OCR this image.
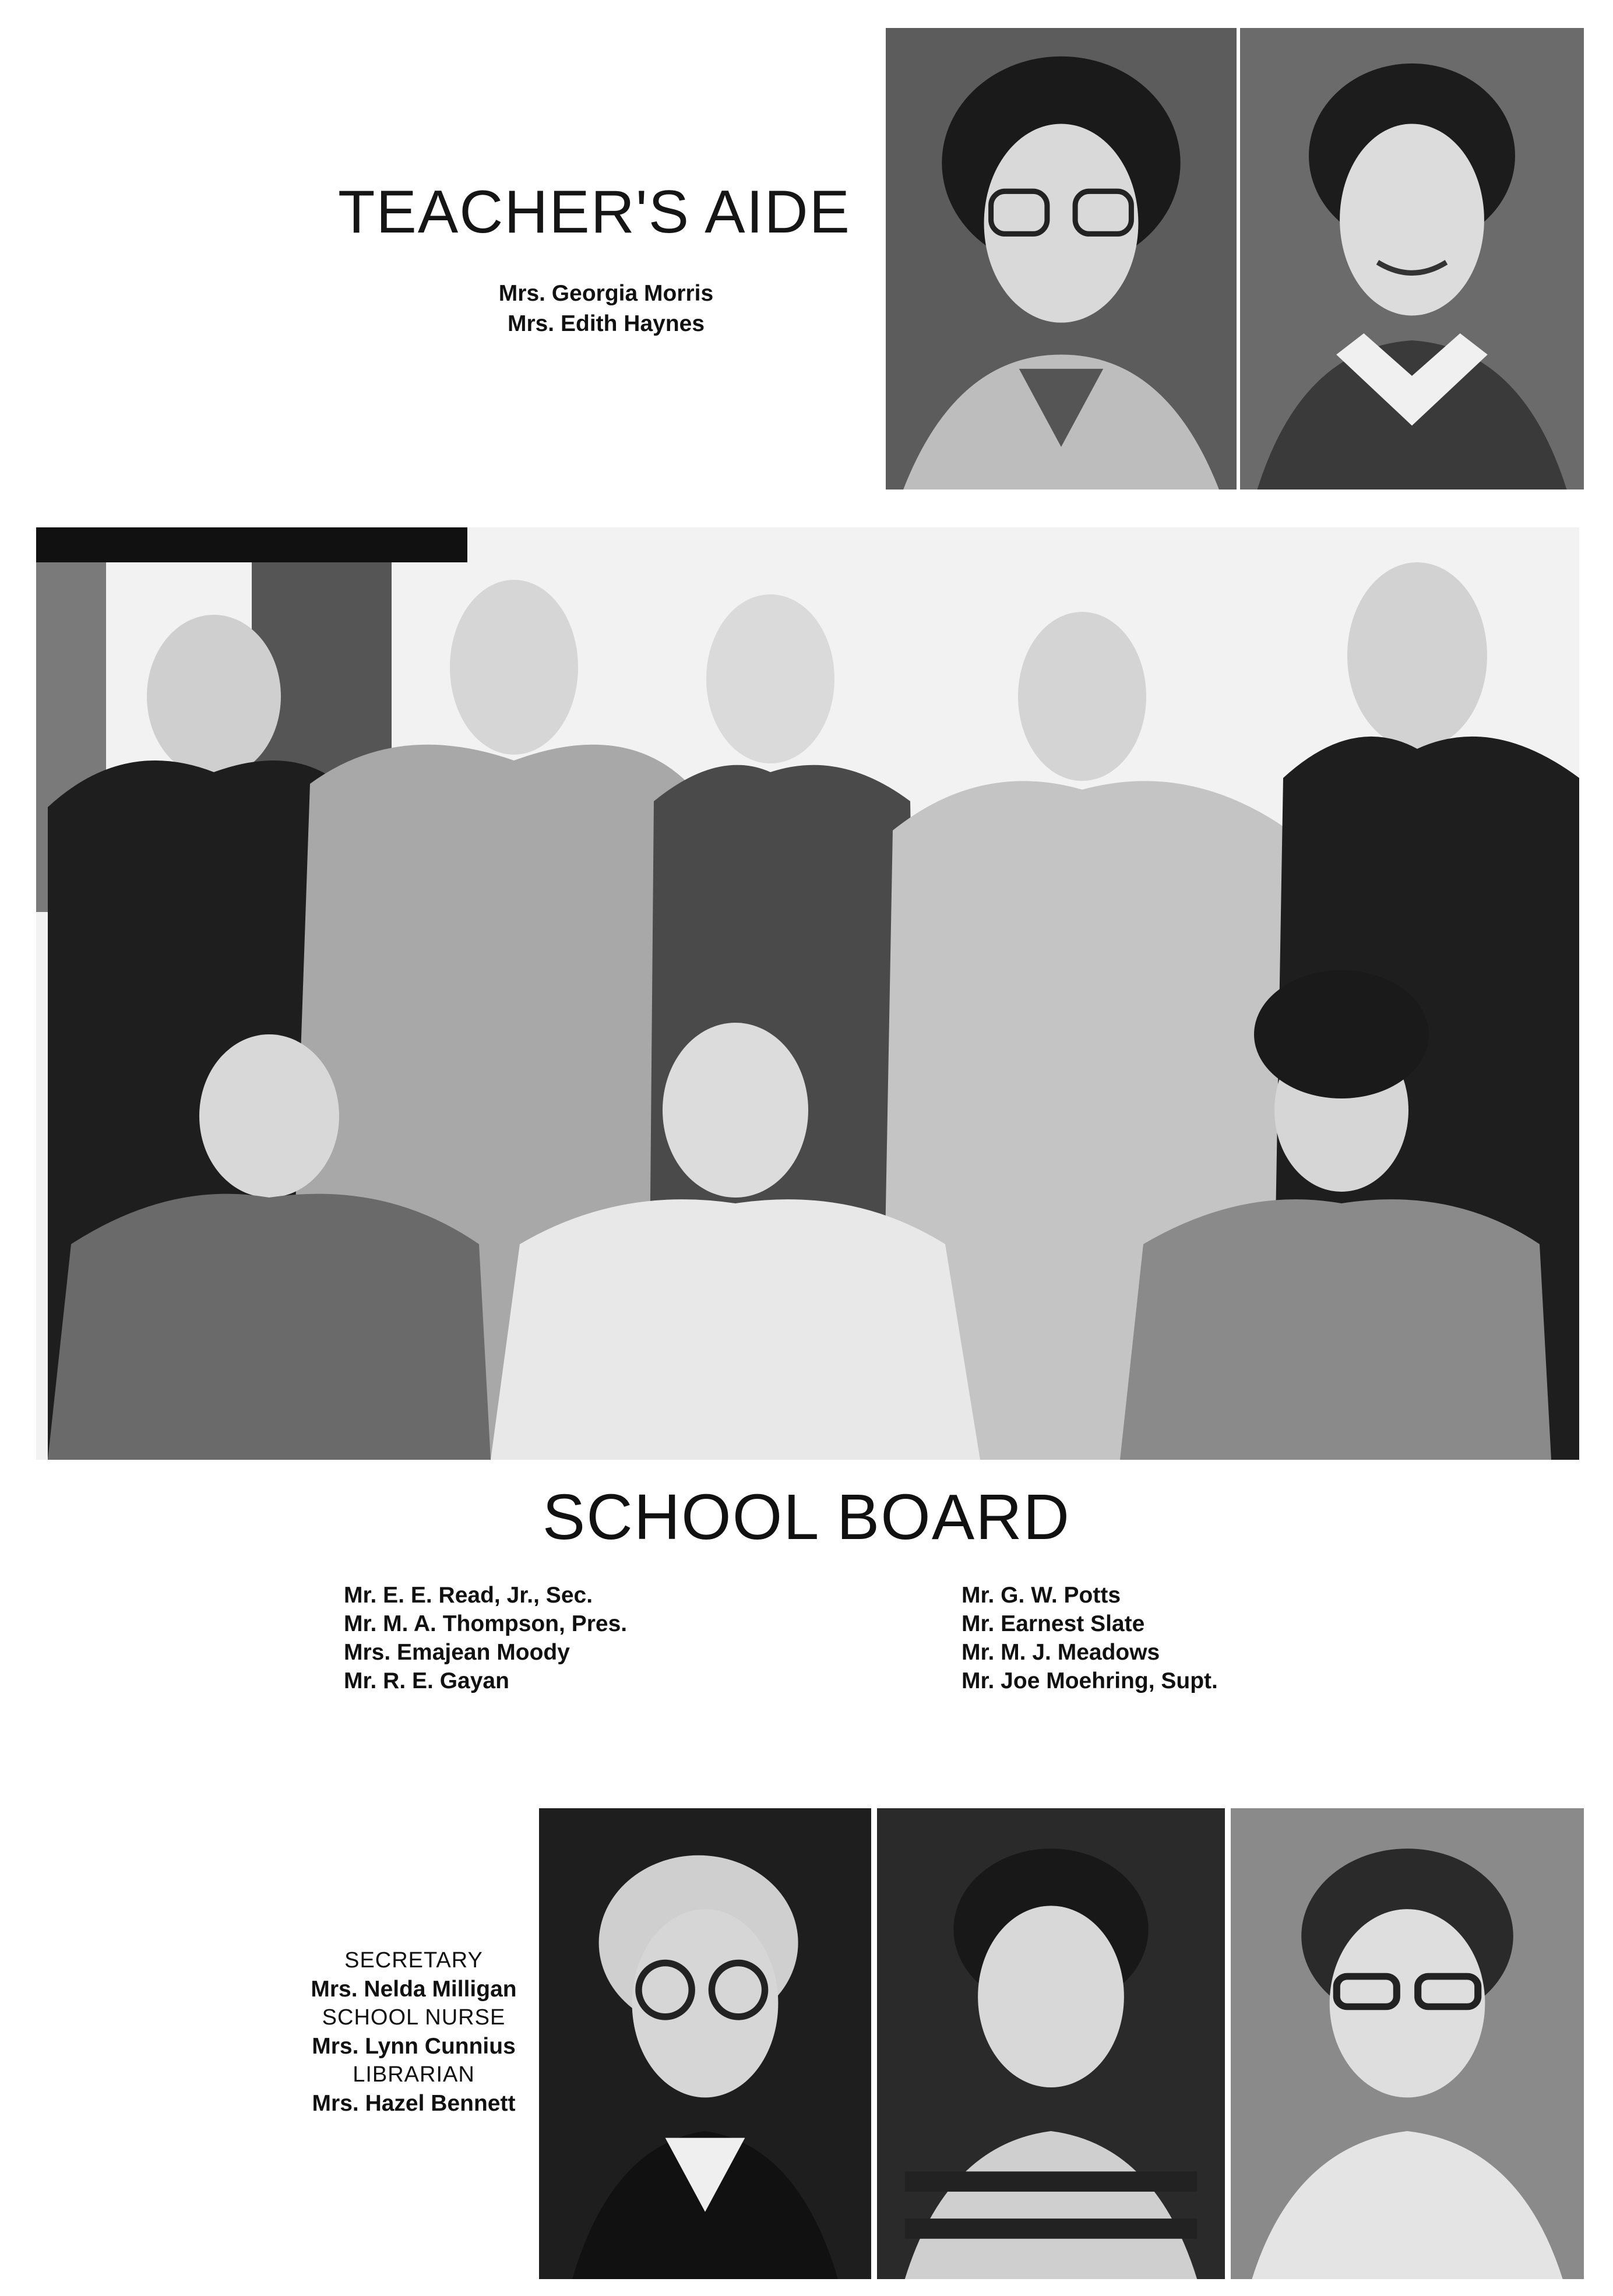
TEACHER'S AIDE
Mrs. Georgia Morris
Mrs. Edith Haynes
SCHOOL BOARD
Mr. E. E. Read, Jr., Sec.
Mr. M. A. Thompson, Pres.
Mrs. Emajean Moody
Mr. R. E. Gayan
Mr. G. W. Potts
Mr. Earnest Slate
Mr. M. J. Meadows
Mr. Joe Moehring, Supt.
SECRETARY
Mrs. Nelda Milligan
SCHOOL NURSE
Mrs. Lynn Cunnius
LIBRARIAN
Mrs. Hazel Bennett
